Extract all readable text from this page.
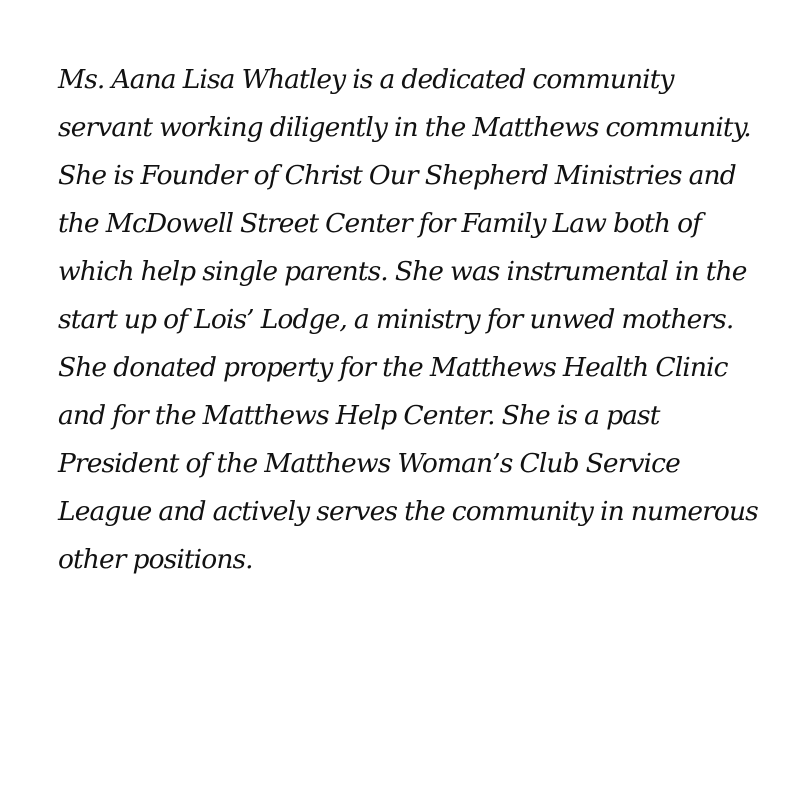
Ms. Aana Lisa Whatley is a dedicated community
servant working diligently in the Matthews community.
She is Founder of Christ Our Shepherd Ministries and
the McDowell Street Center for Family Law both of
which help single parents. She was instrumental in the
start up of Lois’ Lodge, a ministry for unwed mothers.
She donated property for the Matthews Health Clinic
and for the Matthews Help Center. She is a past
President of the Matthews Woman’s Club Service
League and actively serves the community in numerous
other positions.
